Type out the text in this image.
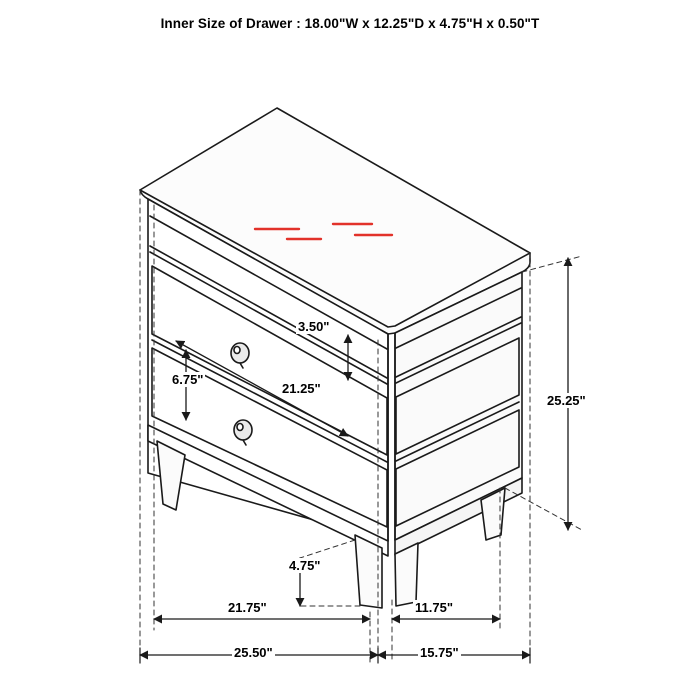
Inner Size of Drawer : 18.00"W x 12.25"D x 4.75"H x 0.50"T
3.50"
6.75"
21.25"
25.25"
4.75"
21.75"	11.75"
25.50"	15.75"
